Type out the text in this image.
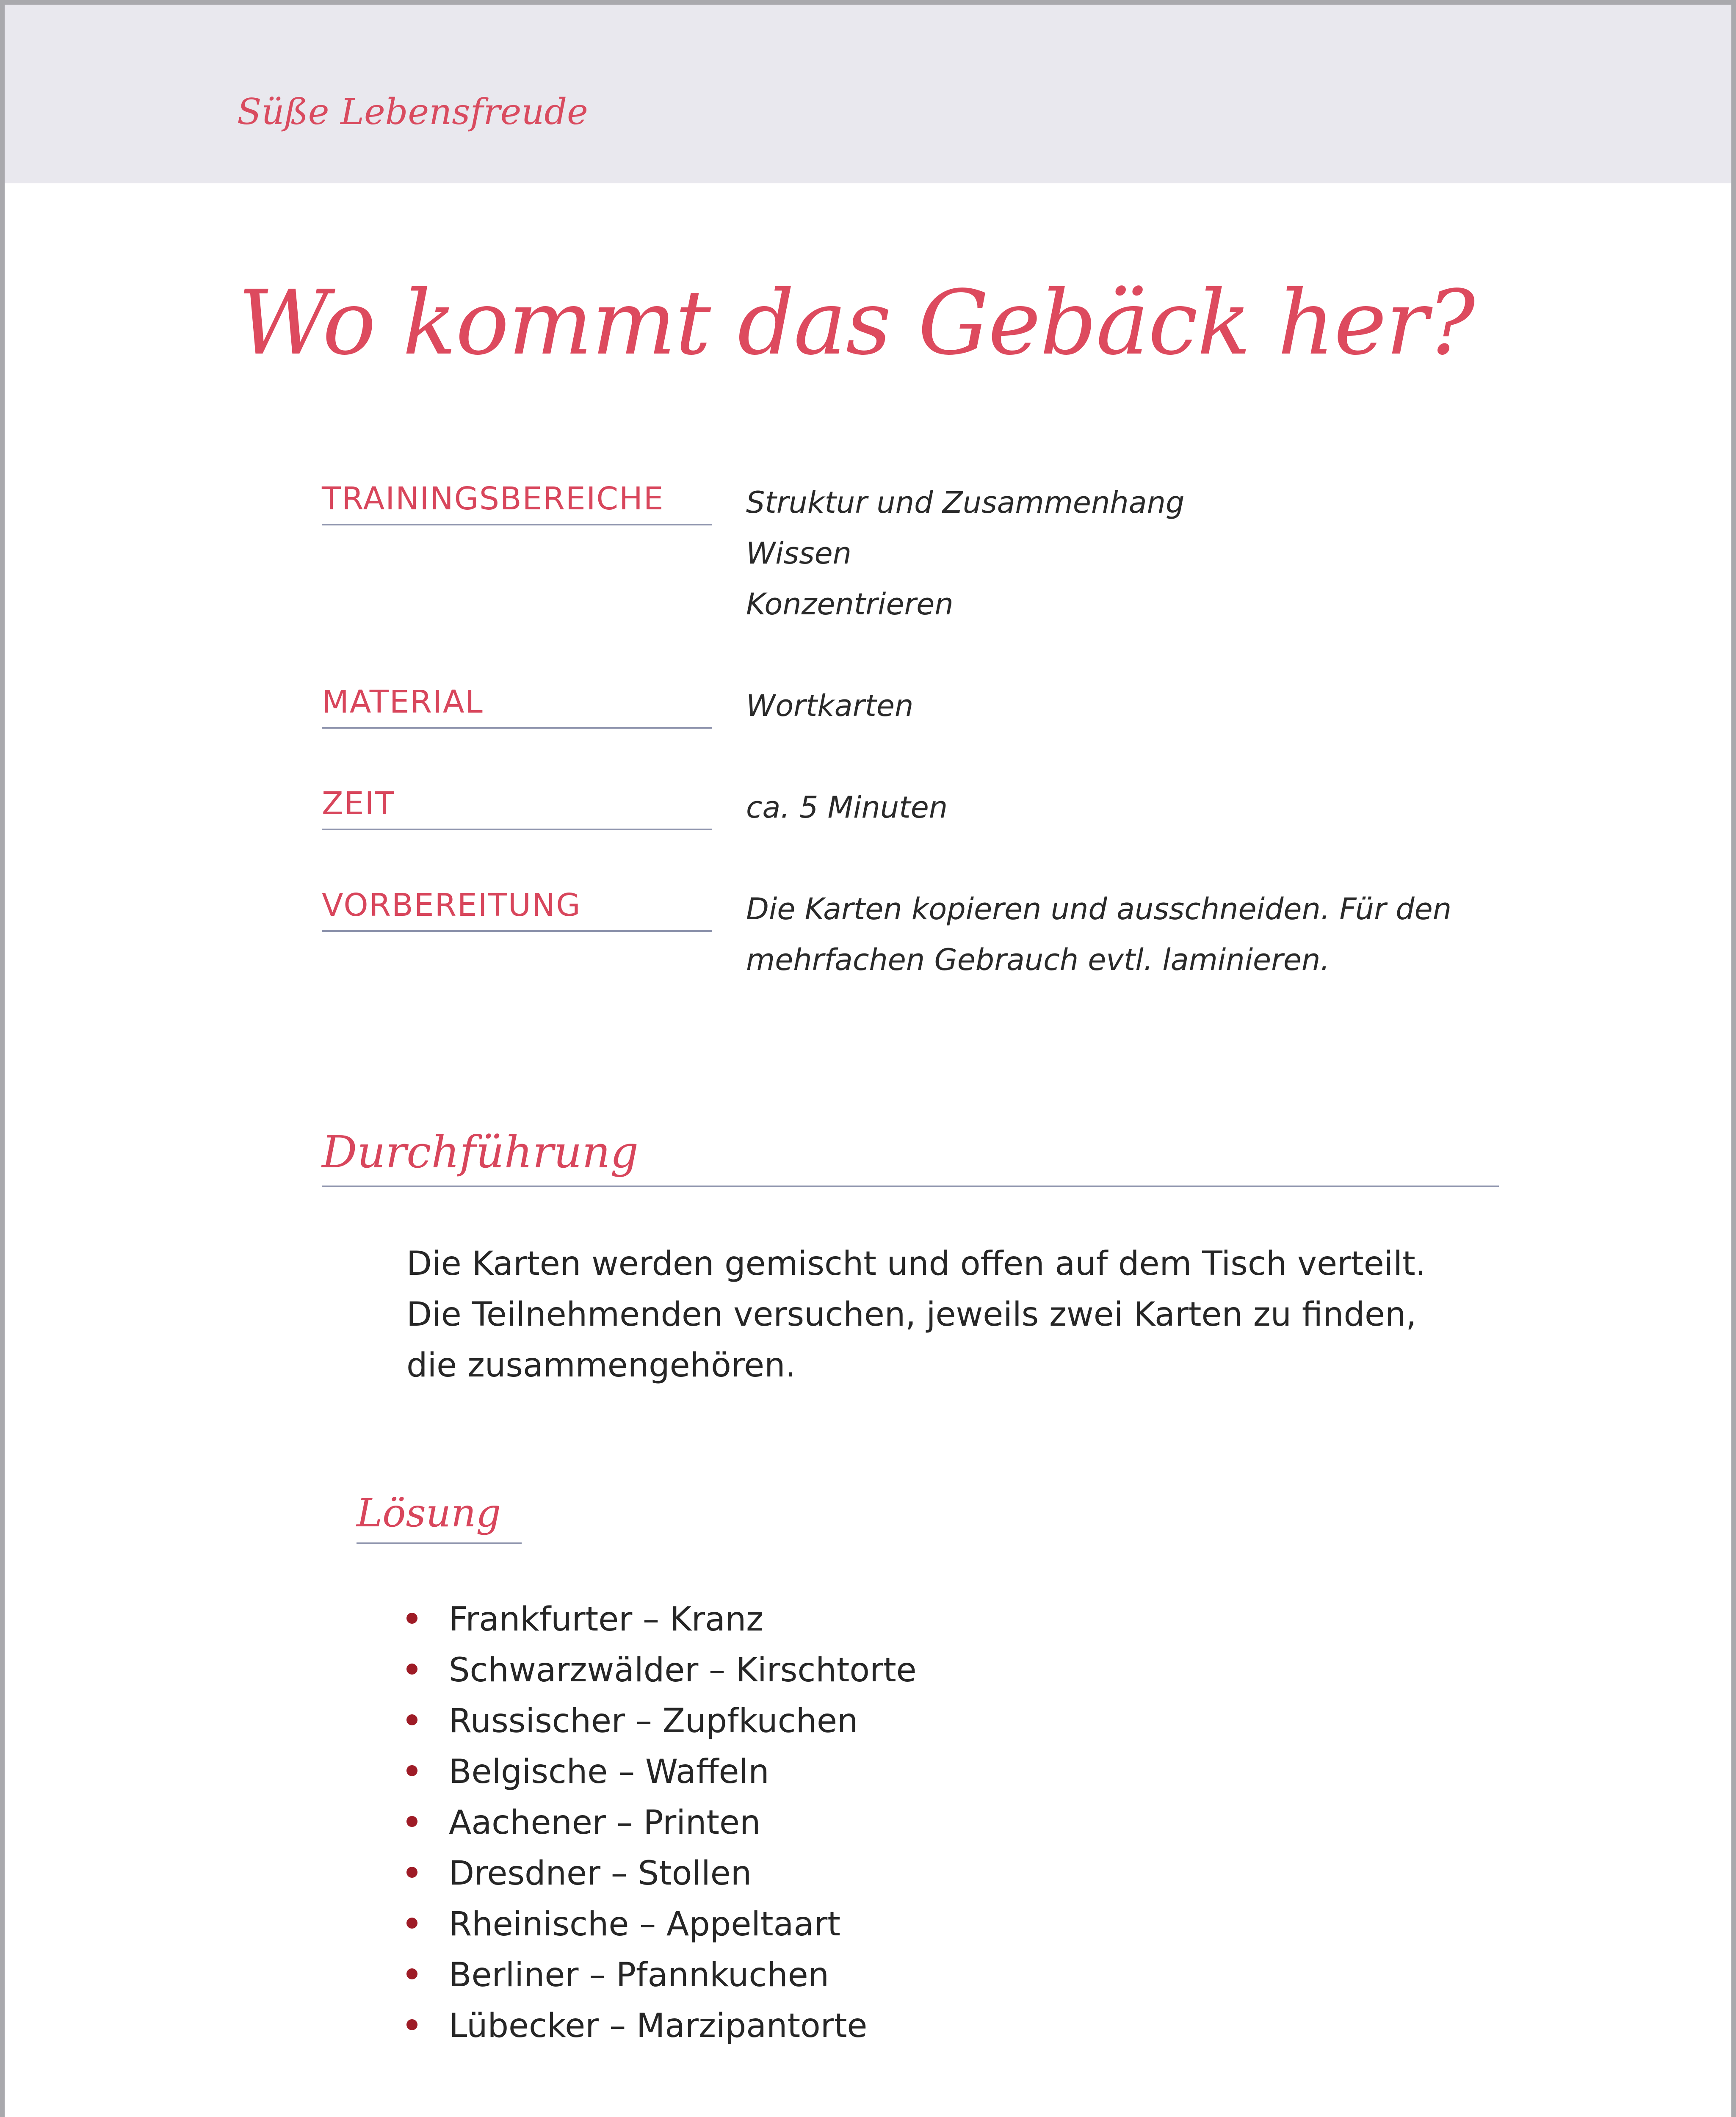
Süße Lebensfreude
Wo kommt das Gebäck her?
TRAININGSBEREICHE	Struktur und Zusammenhang
Wissen
Konzentrieren
MATERIAL	Wortkarten
ZEIT	ca. 5 Minuten
VORBEREITUNG	Die Karten kopieren und ausschneiden. Für den
mehrfachen Gebrauch evtl. laminieren.
Durchführung
Die Karten werden gemischt und offen auf dem Tisch verteilt.
Die Teilnehmenden versuchen, jeweils zwei Karten zu finden,
die zusammengehören.
Lösung
Frankfurter – Kranz
Schwarzwälder – Kirschtorte
Russischer – Zupfkuchen
Belgische – Waffeln
Aachener – Printen
Dresdner – Stollen
Rheinische – Appeltaart
Berliner – Pfannkuchen
Lübecker – Marzipantorte
